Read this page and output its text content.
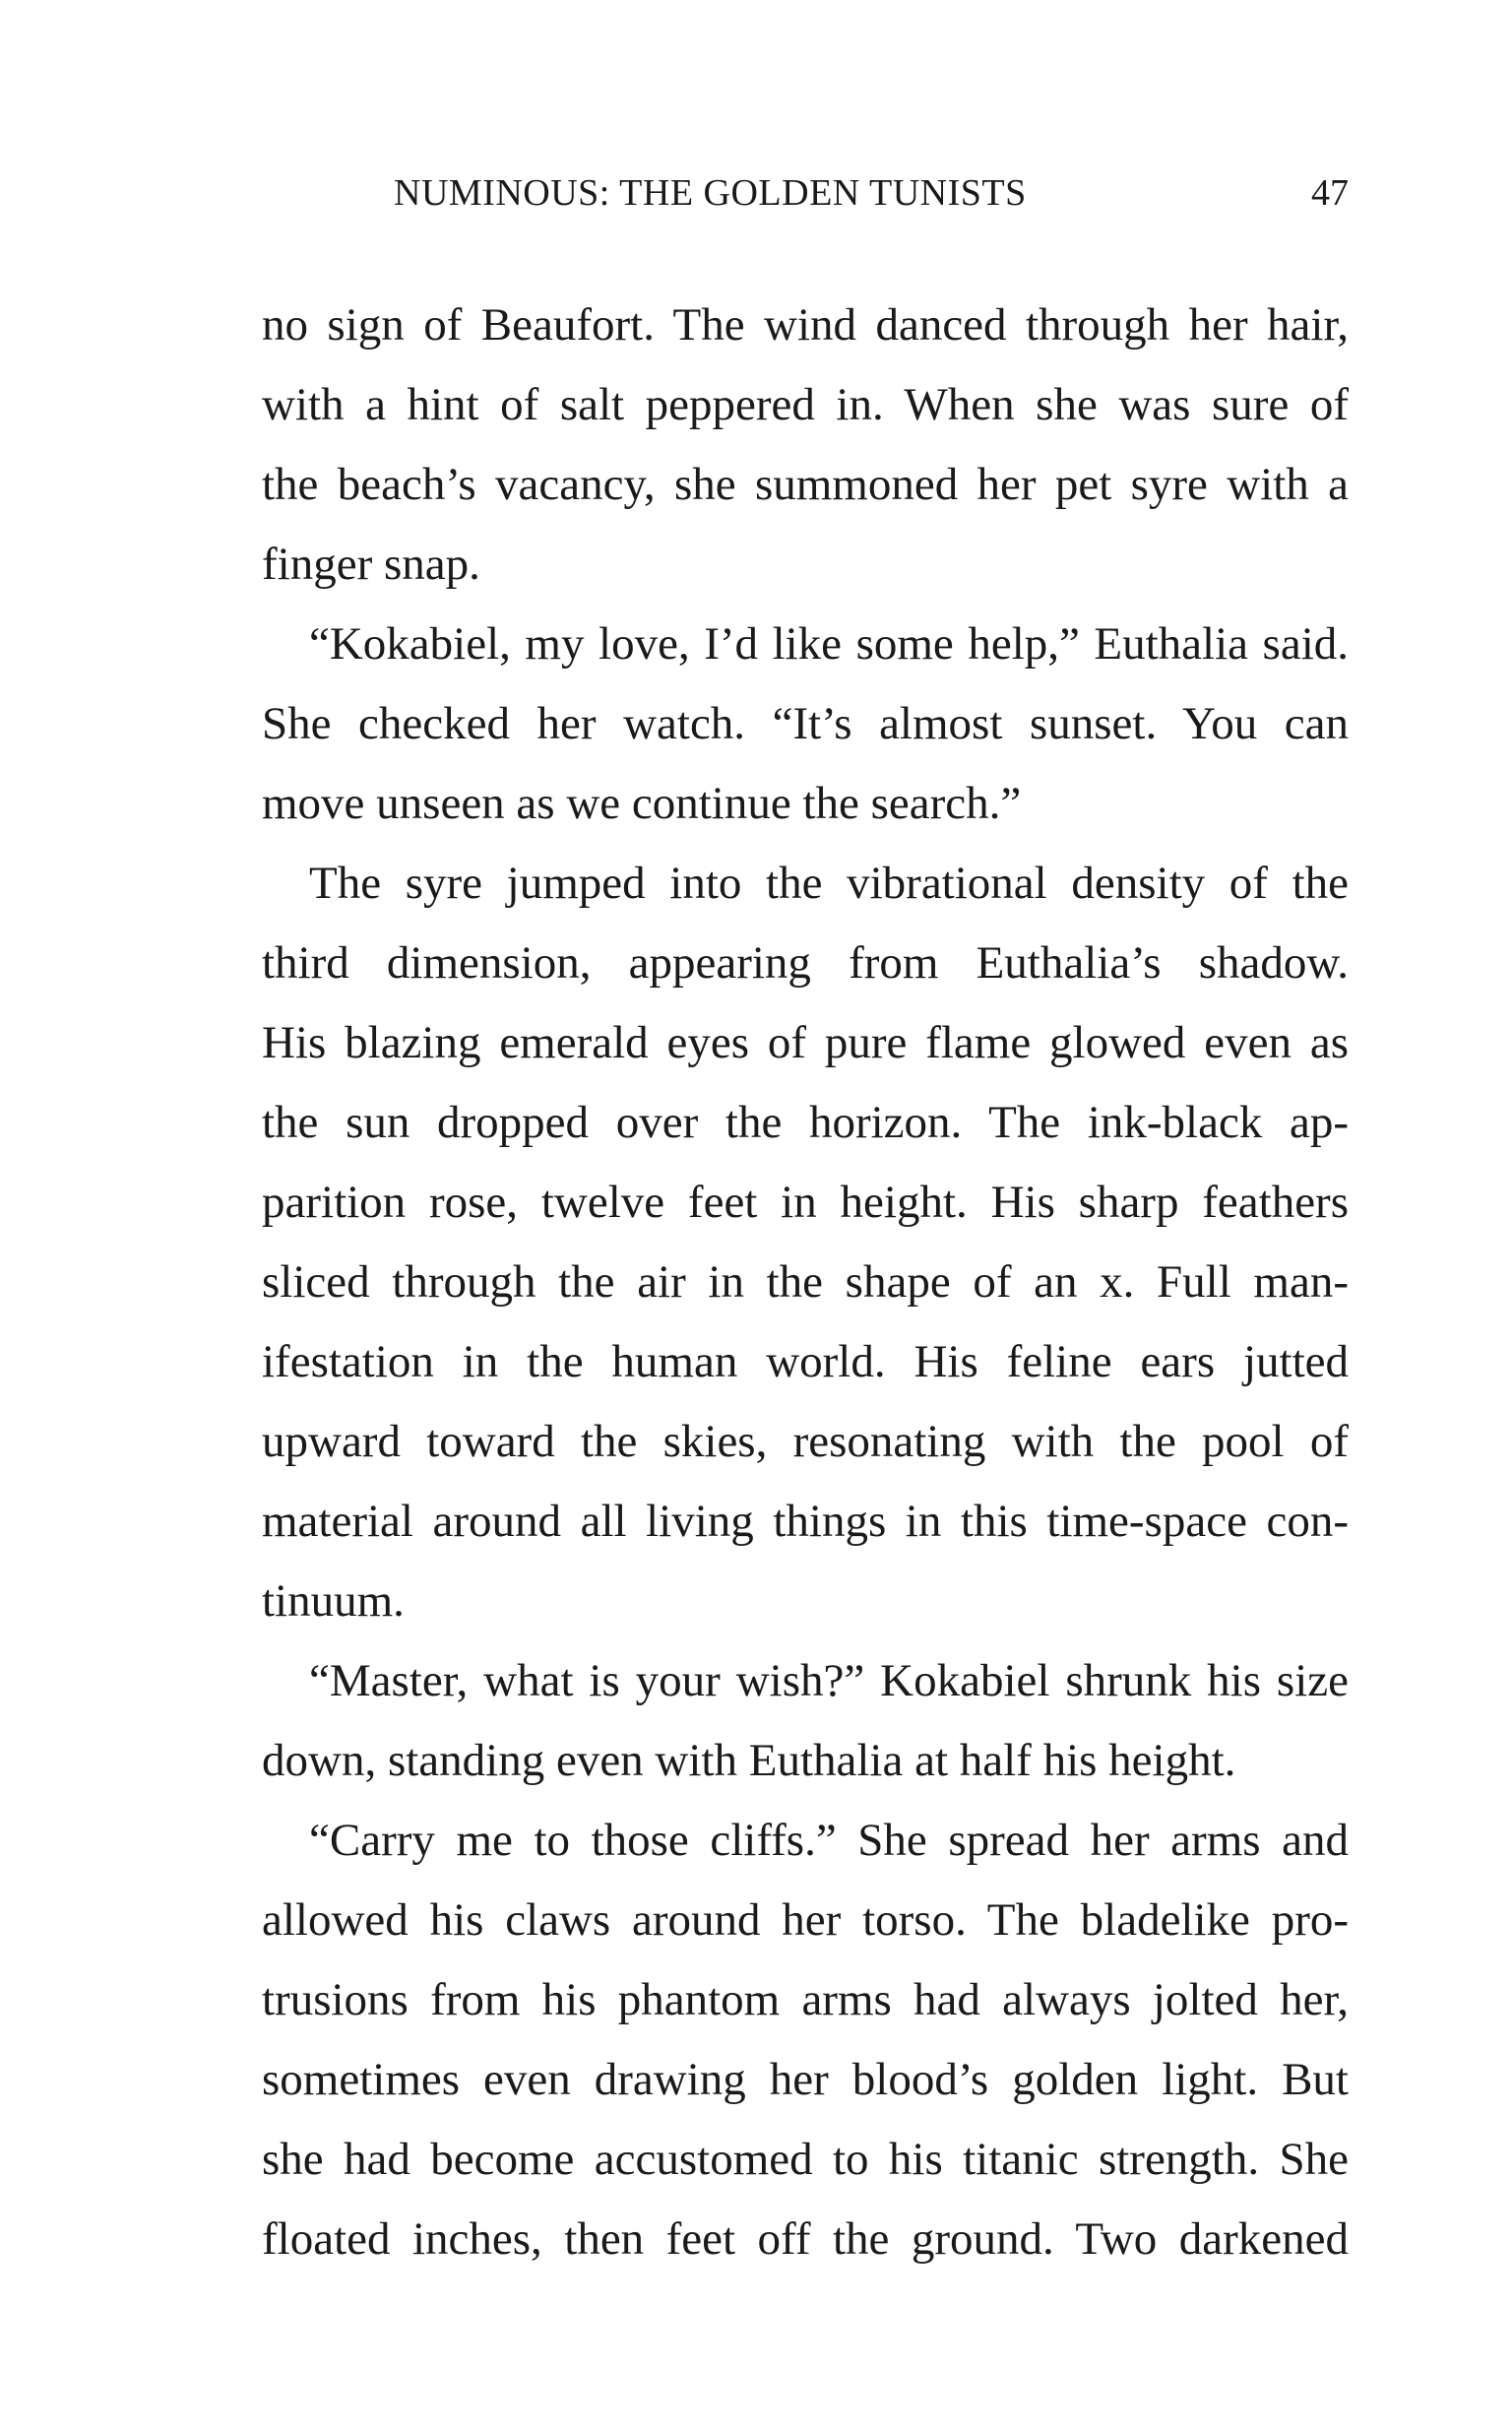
NUMINOUS: THE GOLDEN TUNISTS	47
no sign of Beaufort. The wind danced through her hair,
with a hint of salt peppered in. When she was sure of
the beach’s vacancy, she summoned her pet syre with a
finger snap.
“Kokabiel, my love, I’d like some help,” Euthalia said.
She checked her watch. “It’s almost sunset. You can
move unseen as we continue the search.”
The syre jumped into the vibrational density of the
third dimension, appearing from Euthalia’s shadow.
His blazing emerald eyes of pure flame glowed even as
the sun dropped over the horizon. The ink-black ap-
parition rose, twelve feet in height. His sharp feathers
sliced through the air in the shape of an x. Full man-
ifestation in the human world. His feline ears jutted
upward toward the skies, resonating with the pool of
material around all living things in this time-space con-
tinuum.
“Master, what is your wish?” Kokabiel shrunk his size
down, standing even with Euthalia at half his height.
“Carry me to those cliffs.” She spread her arms and
allowed his claws around her torso. The bladelike pro-
trusions from his phantom arms had always jolted her,
sometimes even drawing her blood’s golden light. But
she had become accustomed to his titanic strength. She
floated inches, then feet off the ground. Two darkened
